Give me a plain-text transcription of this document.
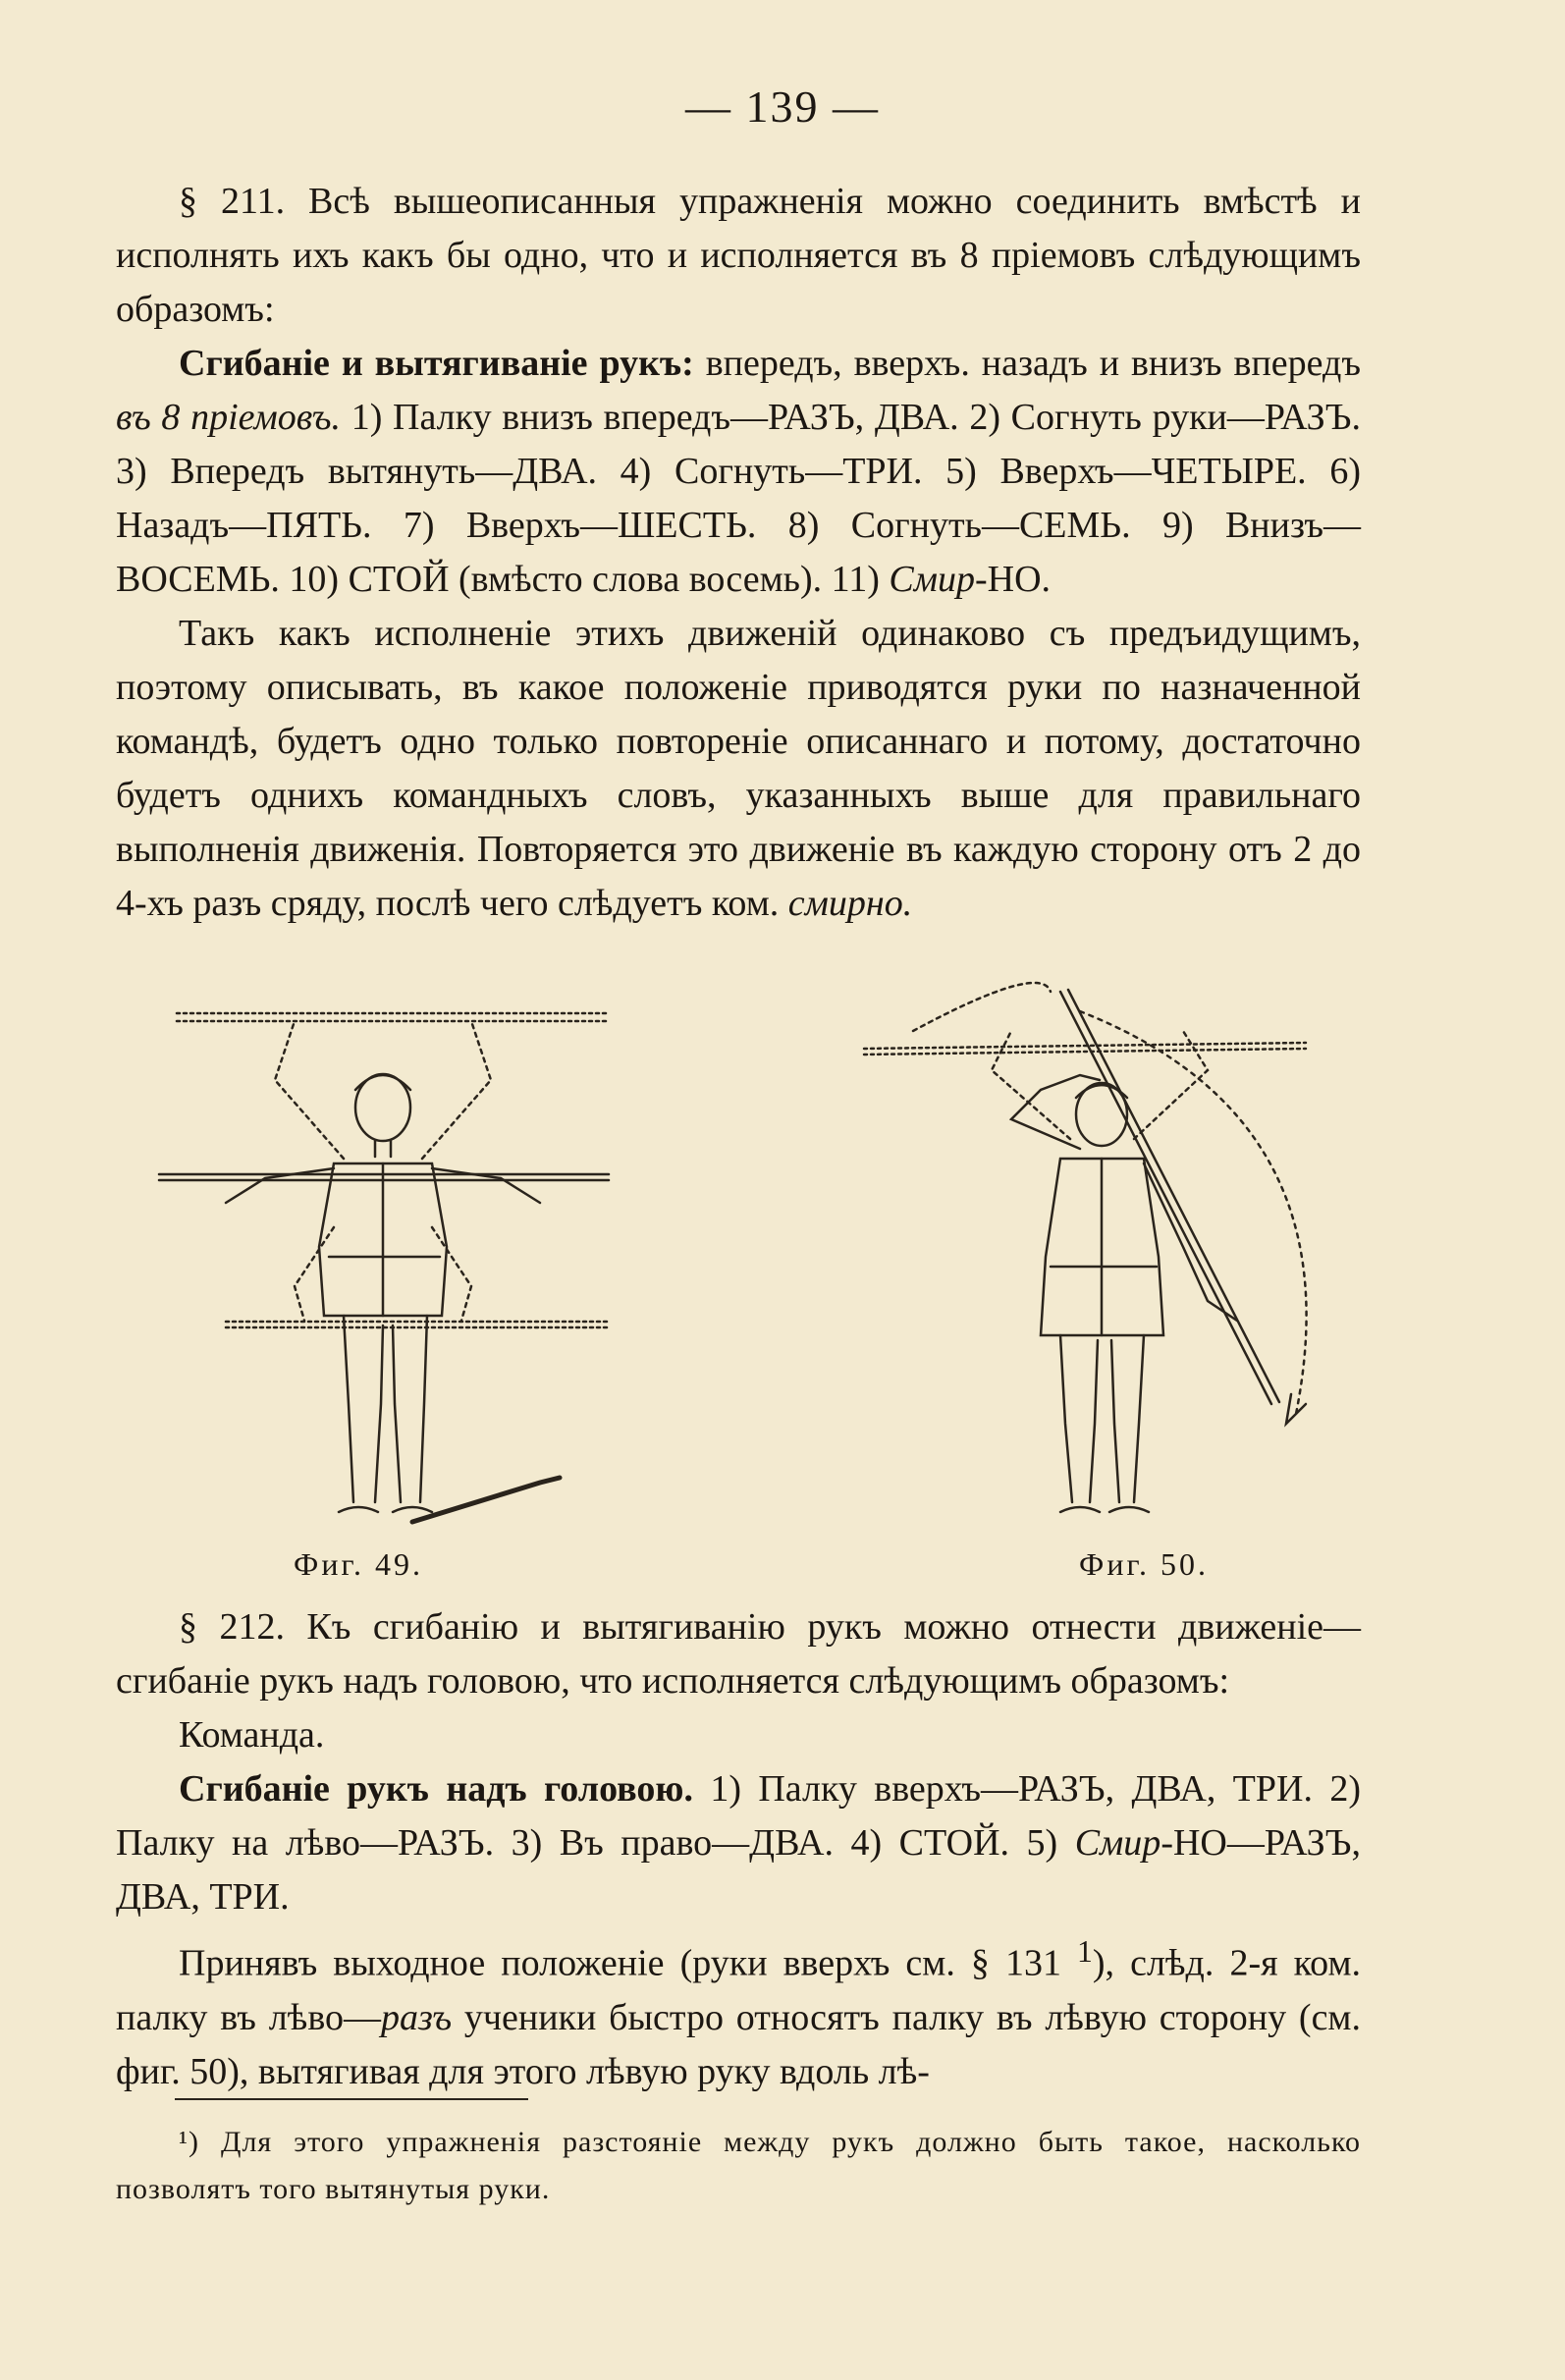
— 139 —

§ 211. Всѣ вышеописанныя упражненія можно соединить вмѣстѣ и исполнять ихъ какъ бы одно, что и исполняется въ 8 пріемовъ слѣдующимъ образомъ:

Сгибаніе и вытягиваніе рукъ: впередъ, вверхъ. назадъ и внизъ впередъ въ 8 пріемовъ. 1) Палку внизъ впередъ—РАЗЪ, ДВА. 2) Согнуть руки—РАЗЪ. 3) Впередъ вытянуть—ДВА. 4) Согнуть—ТРИ. 5) Вверхъ—ЧЕТЫРЕ. 6) Назадъ—ПЯТЬ. 7) Вверхъ—ШЕСТЬ. 8) Согнуть—СЕМЬ. 9) Внизъ—ВОСЕМЬ. 10) СТОЙ (вмѣсто слова восемь). 11) Смир-НО.

Такъ какъ исполненіе этихъ движеній одинаково съ предъидущимъ, поэтому описывать, въ какое положеніе приводятся руки по назначенной командѣ, будетъ одно только повтореніе описаннаго и потому, достаточно будетъ однихъ командныхъ словъ, указанныхъ выше для правильнаго выполненія движенія. Повторяется это движеніе въ каждую сторону отъ 2 до 4-хъ разъ сряду, послѣ чего слѣдуетъ ком. смирно.

Фиг. 49.	Фиг. 50.

§ 212. Къ сгибанію и вытягиванію рукъ можно отнести движеніе—сгибаніе рукъ надъ головою, что исполняется слѣдующимъ образомъ:

Команда.

Сгибаніе рукъ надъ головою. 1) Палку вверхъ—РАЗЪ, ДВА, ТРИ. 2) Палку на лѣво—РАЗЪ. 3) Въ право—ДВА. 4) СТОЙ. 5) Смир-НО—РАЗЪ, ДВА, ТРИ.

Принявъ выходное положеніе (руки вверхъ см. § 131 $^1$), слѣд. 2-я ком. палку въ лѣво—разъ ученики быстро относятъ палку въ лѣвую сторону (см. фиг. 50), вытягивая для этого лѣвую руку вдоль лѣ-

¹) Для этого упражненія разстояніе между рукъ должно быть такое, насколько позволятъ того вытянутыя руки.
